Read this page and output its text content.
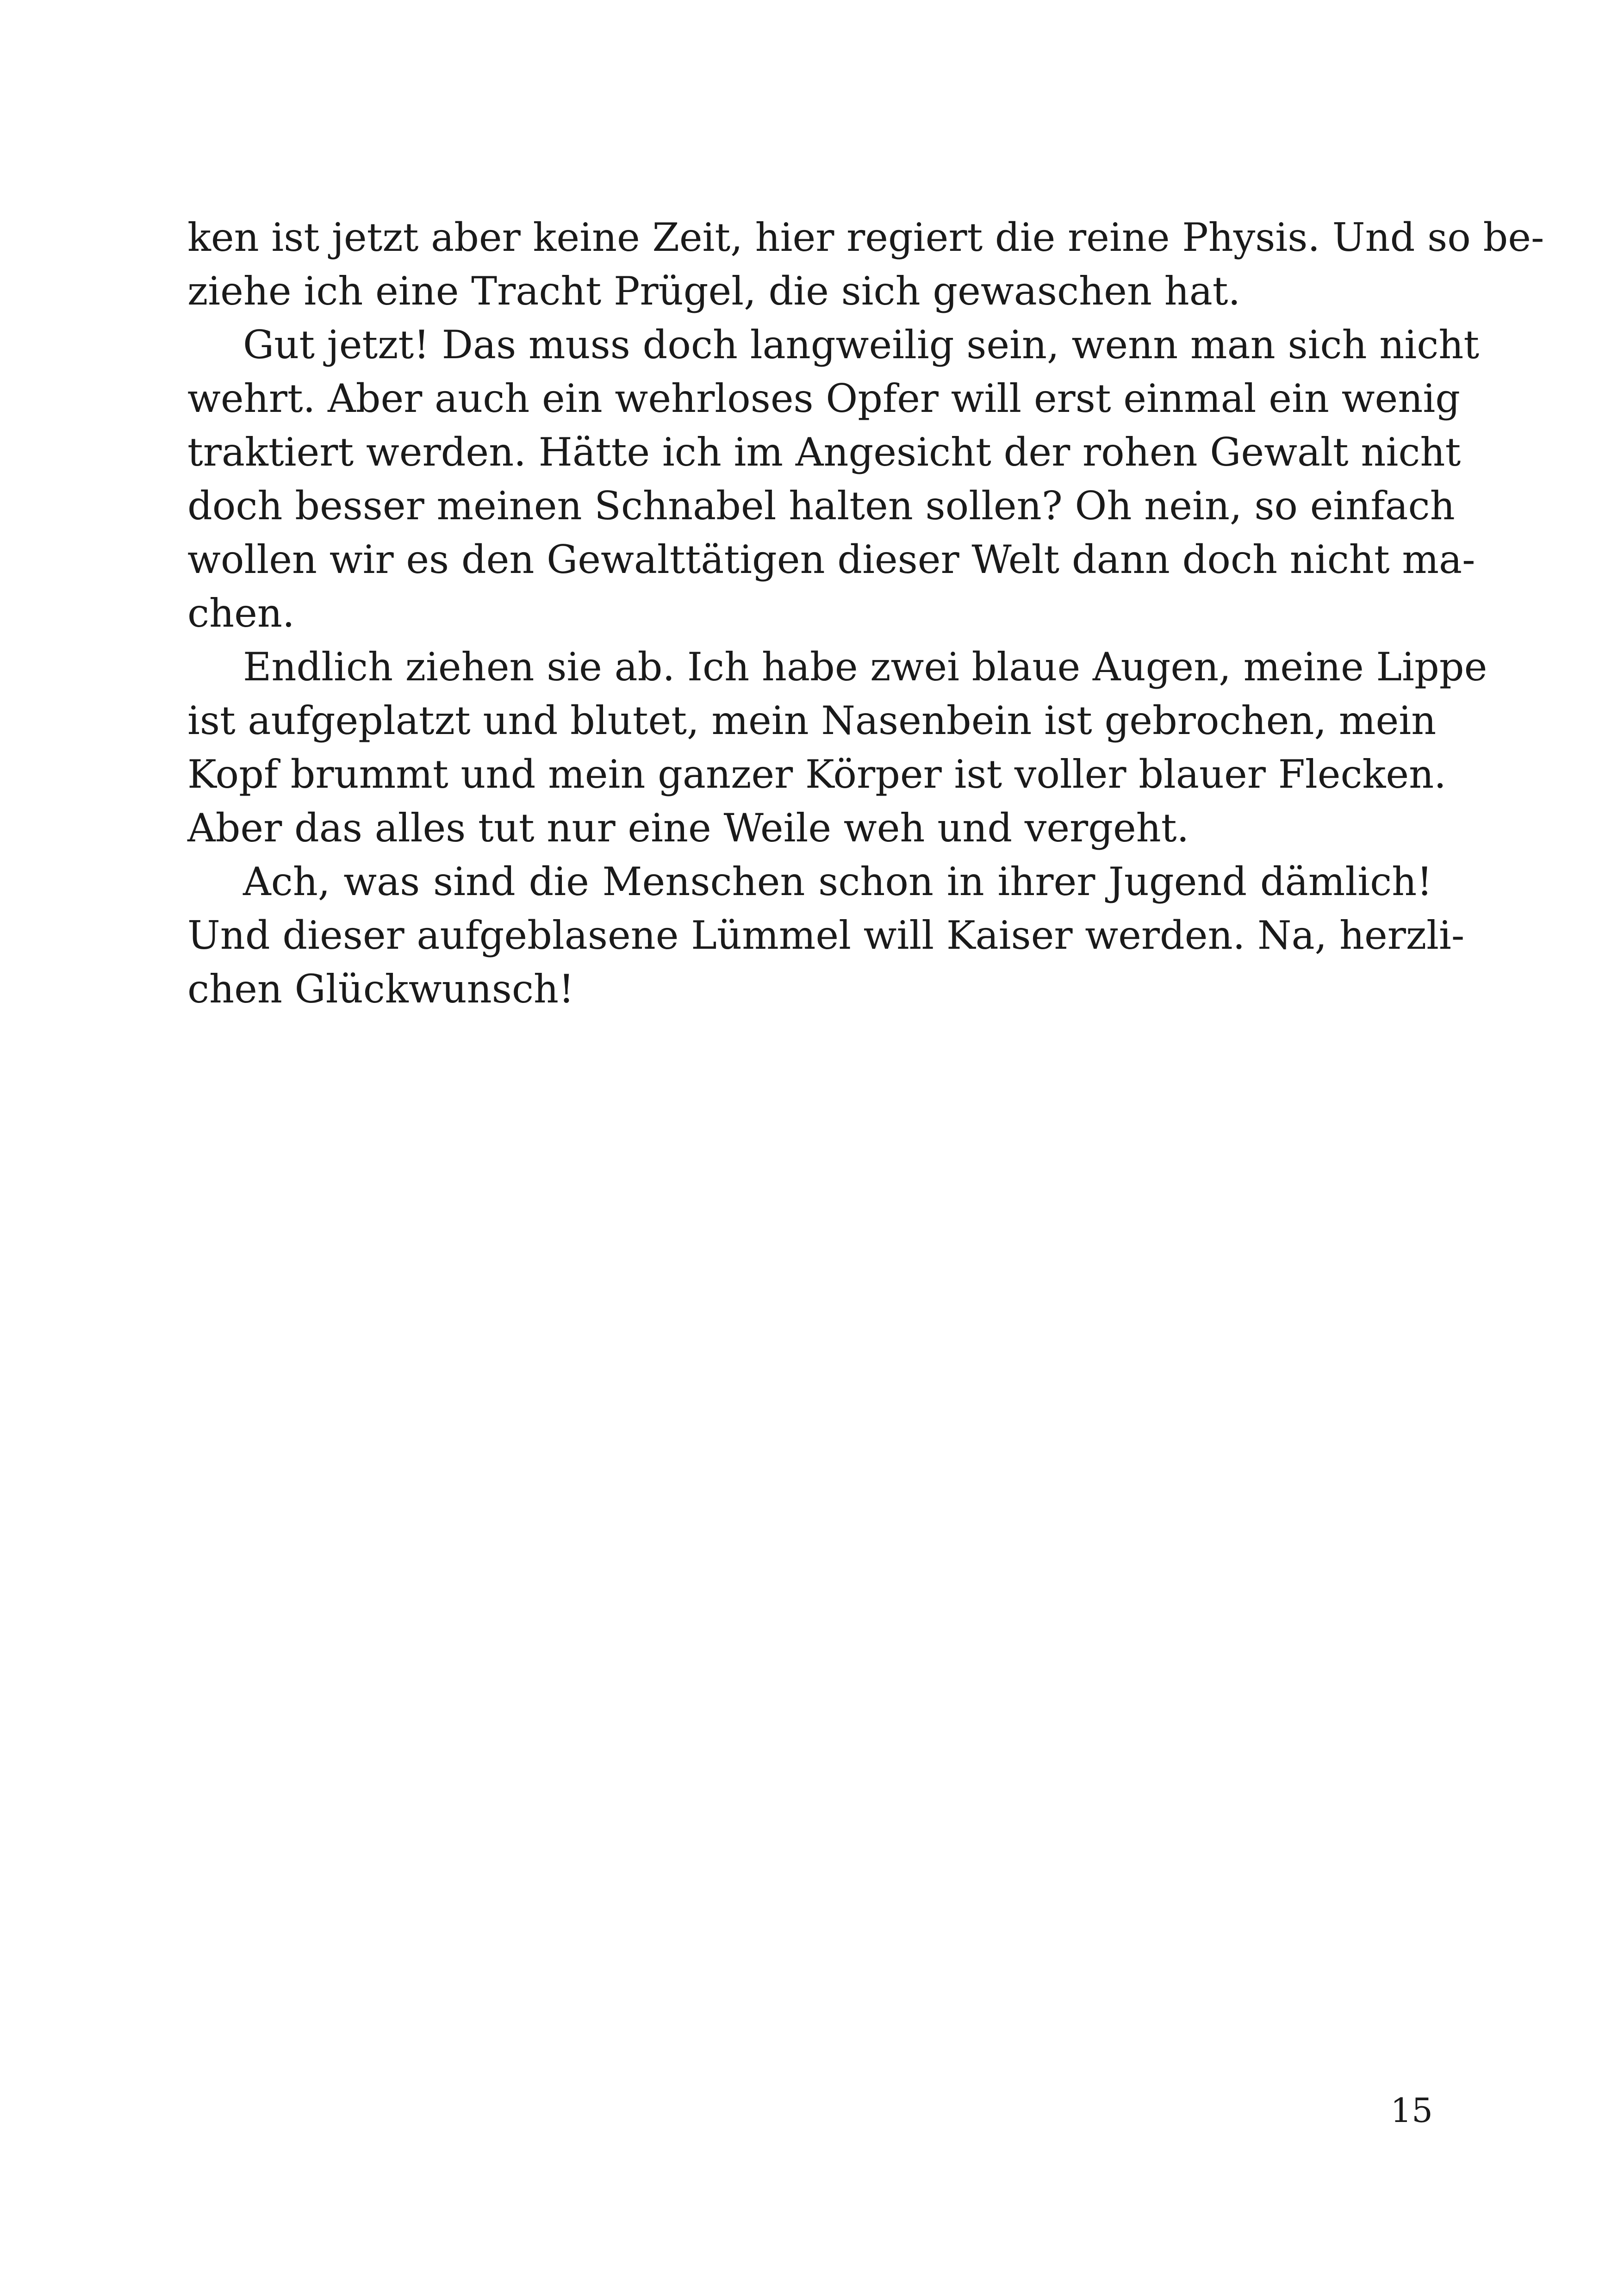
ken ist jetzt aber keine Zeit, hier regiert die reine Physis. Und so be-
ziehe ich eine Tracht Prügel, die sich gewaschen hat.
Gut jetzt! Das muss doch langweilig sein, wenn man sich nicht
wehrt. Aber auch ein wehrloses Opfer will erst einmal ein wenig
traktiert werden. Hätte ich im Angesicht der rohen Gewalt nicht
doch besser meinen Schnabel halten sollen? Oh nein, so einfach
wollen wir es den Gewalttätigen dieser Welt dann doch nicht ma-
chen.
Endlich ziehen sie ab. Ich habe zwei blaue Augen, meine Lippe
ist aufgeplatzt und blutet, mein Nasenbein ist gebrochen, mein
Kopf brummt und mein ganzer Körper ist voller blauer Flecken.
Aber das alles tut nur eine Weile weh und vergeht.
Ach, was sind die Menschen schon in ihrer Jugend dämlich!
Und dieser aufgeblasene Lümmel will Kaiser werden. Na, herzli-
chen Glückwunsch!
15
